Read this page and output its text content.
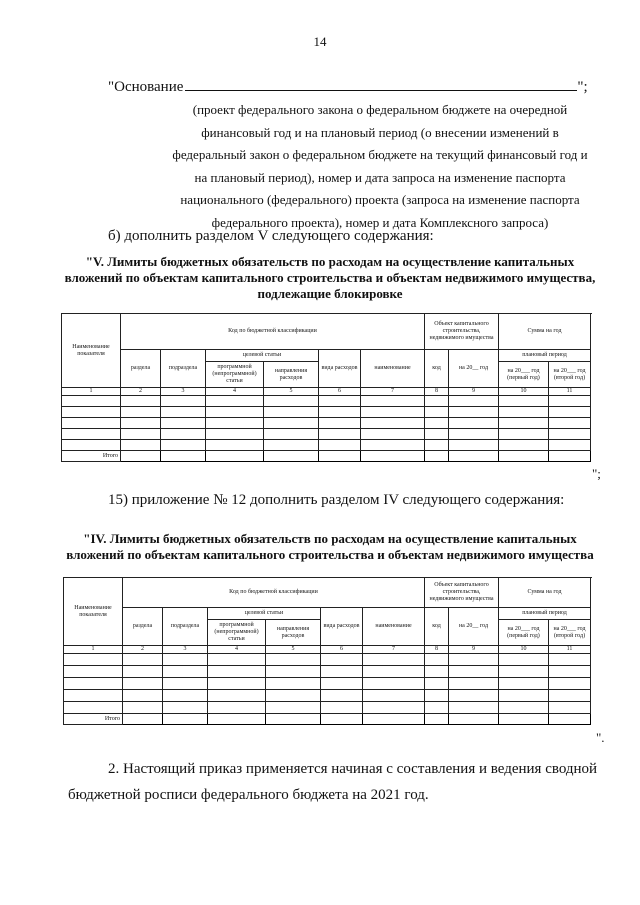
14
"Основание	";
(проект федерального закона о федеральном бюджете на очередной
финансовый год и на плановый период (о внесении изменений в
федеральный закон о федеральном бюджете на текущий финансовый год и
на плановый период), номер и дата запроса на изменение паспорта
национального (федерального) проекта (запроса на изменение паспорта
федерального проекта), номер и дата Комплексного запроса)
б) дополнить разделом V следующего содержания:
"V. Лимиты бюджетных обязательств по расходам на осуществление капитальных
вложений по объектам капитального строительства и объектам недвижимого имущества,
подлежащие блокировке
Наименование показателя	Код по бюджетной классификации						Объект капитального строительства, недвижимого имущества		Сумма на год	
	раздела	подраздела	целевой статьи		вида расходов	наименование	код	на 20__ год	плановый период	
			программной (непрограммной) статьи	направления расходов					на 20___ год (первый год)	на 20___ год (второй год)
1	2	3	4	5	6	7	8	9	10	11

Итого										
";
15) приложение № 12 дополнить разделом IV следующего содержания:
"IV. Лимиты бюджетных обязательств по расходам на осуществление капитальных
вложений по объектам капитального строительства и объектам недвижимого имущества
Наименование показателя	Код по бюджетной классификации						Объект капитального строительства, недвижимого имущества		Сумма на год	
	раздела	подраздела	целевой статьи		вида расходов	наименование	код	на 20__ год	плановый период	
			программной (непрограммной) статьи	направления расходов					на 20___ год (первый год)	на 20___ год (второй год)
1	2	3	4	5	6	7	8	9	10	11

Итого										
".
2. Настоящий приказ применяется начиная с составления и ведения сводной
бюджетной росписи федерального бюджета на 2021 год.
